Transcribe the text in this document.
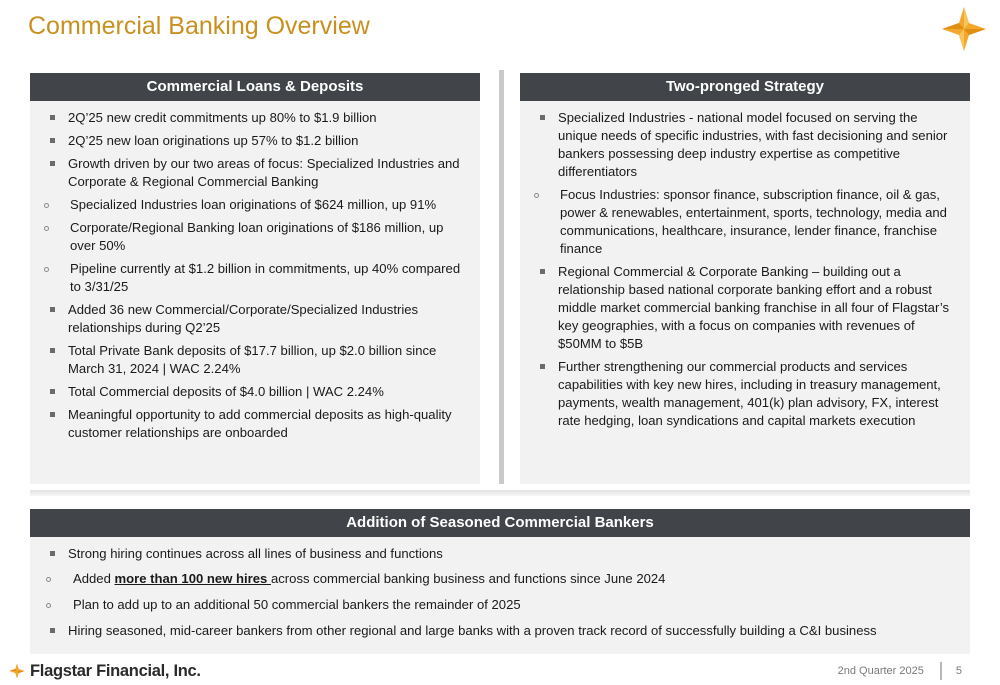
Commercial Banking Overview
Commercial Loans & Deposits
2Q’25 new credit commitments up 80% to $1.9 billion
2Q’25 new loan originations up 57% to $1.2 billion
Growth driven by our two areas of focus: Specialized Industries and Corporate & Regional Commercial Banking
Specialized Industries loan originations of $624 million, up 91%
Corporate/Regional Banking loan originations of $186 million, up over 50%
Pipeline currently at $1.2 billion in commitments, up 40% compared to 3/31/25
Added 36 new Commercial/Corporate/Specialized Industries relationships during Q2’25
Total Private Bank deposits of $17.7 billion, up $2.0 billion since March 31, 2024 | WAC 2.24%
Total Commercial deposits of $4.0 billion | WAC 2.24%
Meaningful opportunity to add commercial deposits as high-quality customer relationships are onboarded
Two-pronged Strategy
Specialized Industries - national model focused on serving the unique needs of specific industries, with fast decisioning and senior bankers possessing deep industry expertise as competitive differentiators
Focus Industries: sponsor finance, subscription finance, oil & gas, power & renewables, entertainment, sports, technology, media and communications, healthcare, insurance, lender finance, franchise finance
Regional Commercial & Corporate Banking – building out a relationship based national corporate banking effort and a robust middle market commercial banking franchise in all four of Flagstar’s key geographies, with a focus on companies with revenues of $50MM to $5B
Further strengthening our commercial products and services capabilities with key new hires, including in treasury management, payments, wealth management, 401(k) plan advisory, FX, interest rate hedging, loan syndications and capital markets execution
Addition of Seasoned Commercial Bankers
Strong hiring continues across all lines of business and functions
Added more than 100 new hires across commercial banking business and functions since June 2024
Plan to add up to an additional 50 commercial bankers the remainder of 2025
Hiring seasoned, mid-career bankers from other regional and large banks with a proven track record of successfully building a C&I business
Flagstar Financial, Inc.	2nd Quarter 2025	5
